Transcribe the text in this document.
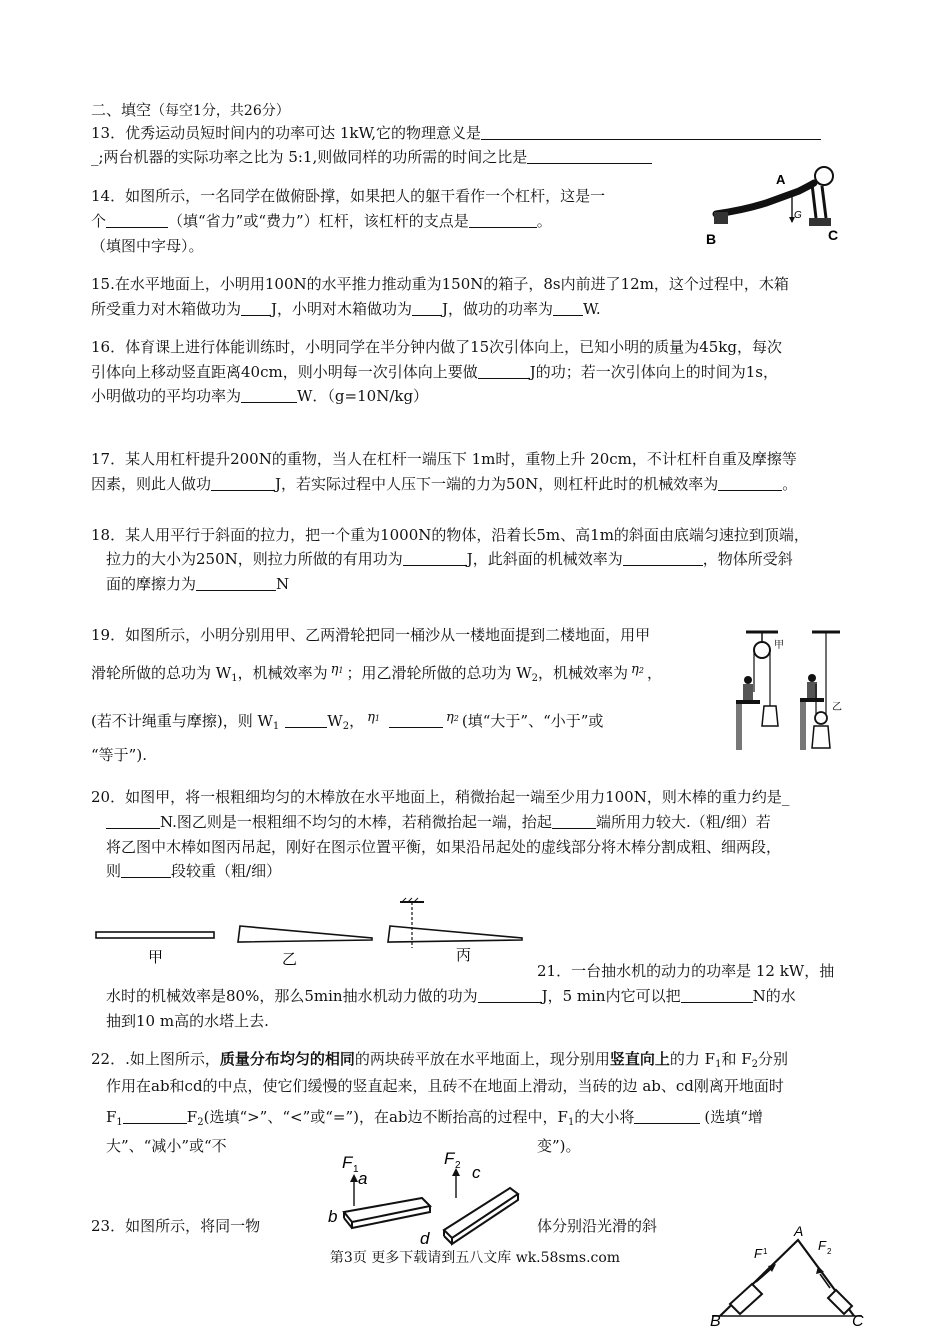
二、填空（每空1分，共26分）
13．优秀运动员短时间内的功率可达 1kW,它的物理意义是
_;两台机器的实际功率之比为 5:1,则做同样的功所需的时间之比是
14．如图所示，一名同学在做俯卧撑，如果把人的躯干看作一个杠杆，这是一
个	（填“省力”或“费力”）杠杆，该杠杆的支点是	。
（填图中字母）。
A
G
B	C
15.在水平地面上，小明用100N的水平推力推动重为150N的箱子，8s内前进了12m，这个过程中，木箱
所受重力对木箱做功为 J，小明对木箱做功为 J，做功的功率为 W.
16．体育课上进行体能训练时，小明同学在半分钟内做了15次引体向上，已知小明的质量为45kg，每次
引体向上移动竖直距离40cm，则小明每一次引体向上要做	J的功；若一次引体向上的时间为1s，
小明做功的平均功率为	W．（g=10N/kg）
17．某人用杠杆提升200N的重物，当人在杠杆一端压下 1m时，重物上升 20cm，不计杠杆自重及摩擦等
因素，则此人做功	J，若实际过程中人压下一端的力为50N，则杠杆此时的机械效率为	。
18．某人用平行于斜面的拉力，把一个重为1000N的物体，沿着长5m、高1m的斜面由底端匀速拉到顶端，
拉力的大小为250N，则拉力所做的有用功为	J，此斜面的机械效率为	，物体所受斜
面的摩擦力为	N
19．如图所示，小明分别用甲、乙两滑轮把同一桶沙从一楼地面提到二楼地面，用甲
滑轮所做的总功为 $W_1$，机械效率为 η1 ；用乙滑轮所做的总功为 $W_2$，机械效率为 η2 ，
(若不计绳重与摩擦)，则 $W_1$	$W_2$， η1	η2 (填“大于”、“小于”或
“等于”).
甲
乙
20．如图甲，将一根粗细均匀的木棒放在水平地面上，稍微抬起一端至少用力100N，则木棒的重力约是_
N.图乙则是一根粗细不均匀的木棒，若稍微抬起一端，抬起	端所用力较大.（粗/细）若
将乙图中木棒如图丙吊起，刚好在图示位置平衡，如果沿吊起处的虚线部分将木棒分割成粗、细两段，
则	段较重（粗/细）
甲	乙	丙
21．一台抽水机的动力的功率是 12 kW，抽
水时的机械效率是80%，那么5min抽水机动力做的功为	J，5 min内它可以把	N的水
抽到10 m高的水塔上去.
22．.如上图所示，质量分布均匀的相同的两块砖平放在水平地面上，现分别用竖直向上的力 $F_1$和 $F_2$分别
作用在ab和cd的中点，使它们缓慢的竖直起来，且砖不在地面上滑动，当砖的边 ab、cd刚离开地面时
$F_1$	$F_2$(选填“>”、“<”或“=”)，在ab边不断抬高的过程中，$F_1$的大小将	(选填“增
大”、“减小”或“不	变”)。
F 1
F 2
a
b
c
d
23．如图所示，将同一物	体分别沿光滑的斜	A
B	C
F 1	F 2
第3页 更多下载请到五八文库 wk.58sms.com
